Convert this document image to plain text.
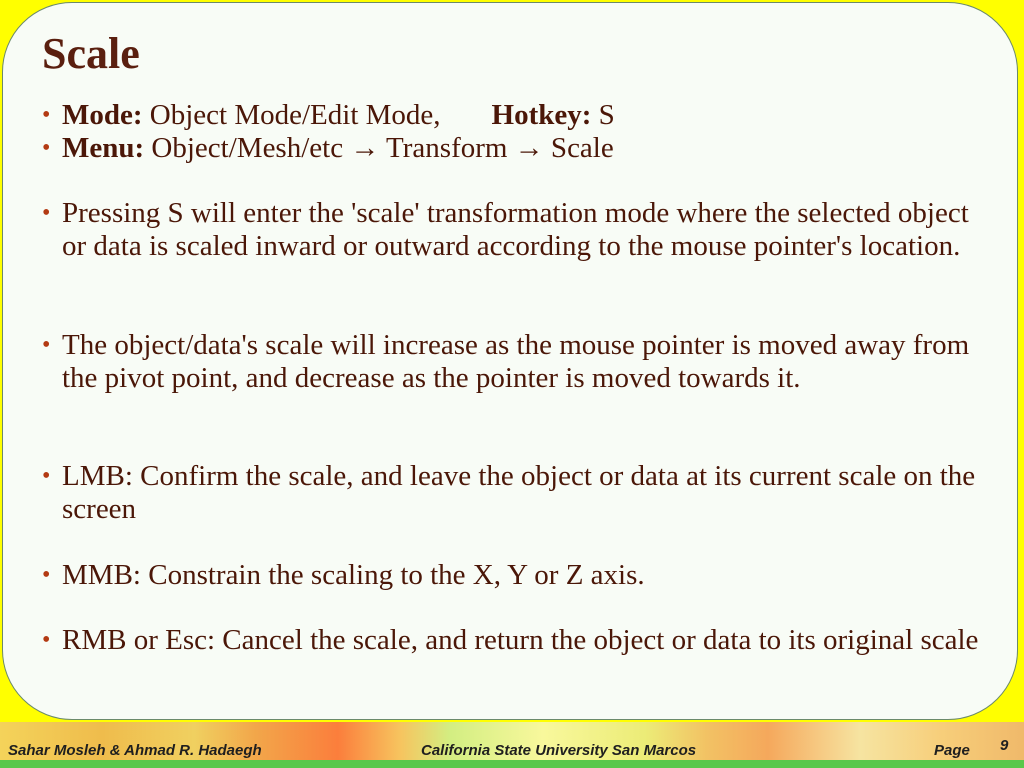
Scale

• Mode: Object Mode/Edit Mode, Hotkey: S

• Menu: Object/Mesh/etc → Transform → Scale

• Pressing S will enter the 'scale' transformation mode where the selected object or data is scaled inward or outward according to the mouse pointer's location.

• The object/data's scale will increase as the mouse pointer is moved away from the pivot point, and decrease as the pointer is moved towards it.

• LMB: Confirm the scale, and leave the object or data at its current scale on the screen

• MMB: Constrain the scaling to the X, Y or Z axis.

• RMB or Esc: Cancel the scale, and return the object or data to its original scale

Sahar Mosleh & Ahmad R. Hadaegh	California State University San Marcos	Page 9
